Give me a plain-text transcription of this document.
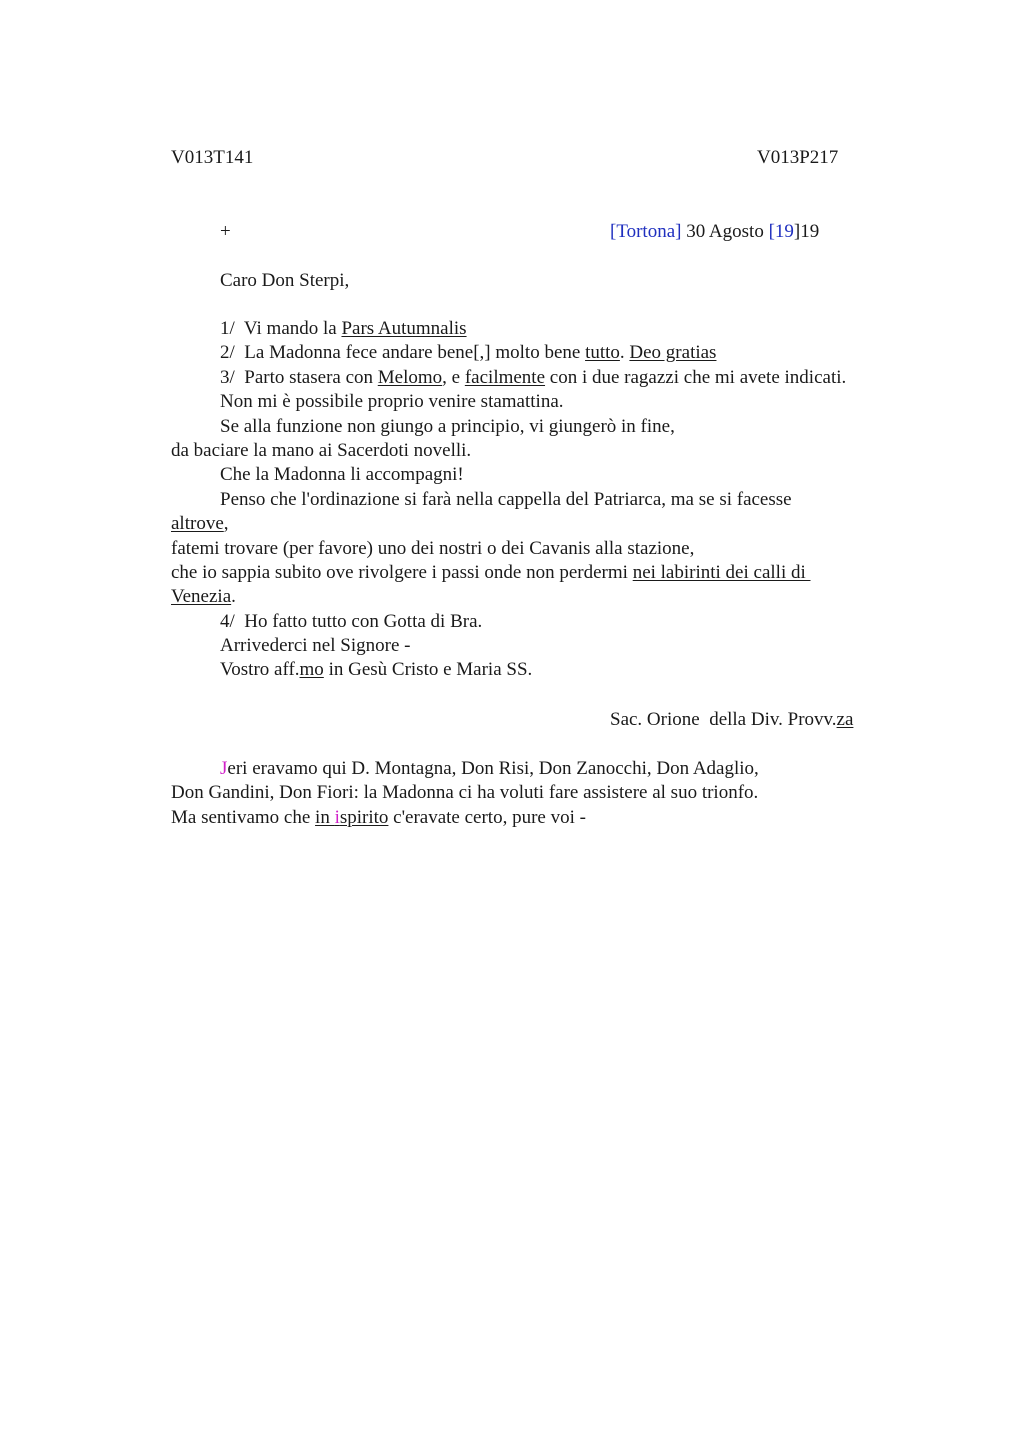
V013T141	V013P217
+	[Tortona] 30 Agosto [19]19
Caro Don Sterpi,
1/  Vi mando la Pars Autumnalis
2/  La Madonna fece andare bene[,] molto bene tutto. Deo gratias
3/  Parto stasera con Melomo, e facilmente con i due ragazzi che mi avete indicati.
Non mi è possibile proprio venire stamattina.
Se alla funzione non giungo a principio, vi giungerò in fine,
da baciare la mano ai Sacerdoti novelli.
Che la Madonna li accompagni!
Penso che l'ordinazione si farà nella cappella del Patriarca, ma se si facesse
altrove,
fatemi trovare (per favore) uno dei nostri o dei Cavanis alla stazione,
che io sappia subito ove rivolgere i passi onde non perdermi nei labirinti dei calli di
Venezia.
4/  Ho fatto tutto con Gotta di Bra.
Arrivederci nel Signore -
Vostro aff.mo in Gesù Cristo e Maria SS.
Sac. Orione  della Div. Provv.za
Jeri eravamo qui D. Montagna, Don Risi, Don Zanocchi, Don Adaglio,
Don Gandini, Don Fiori: la Madonna ci ha voluti fare assistere al suo trionfo.
Ma sentivamo che in ispirito c'eravate certo, pure voi -
